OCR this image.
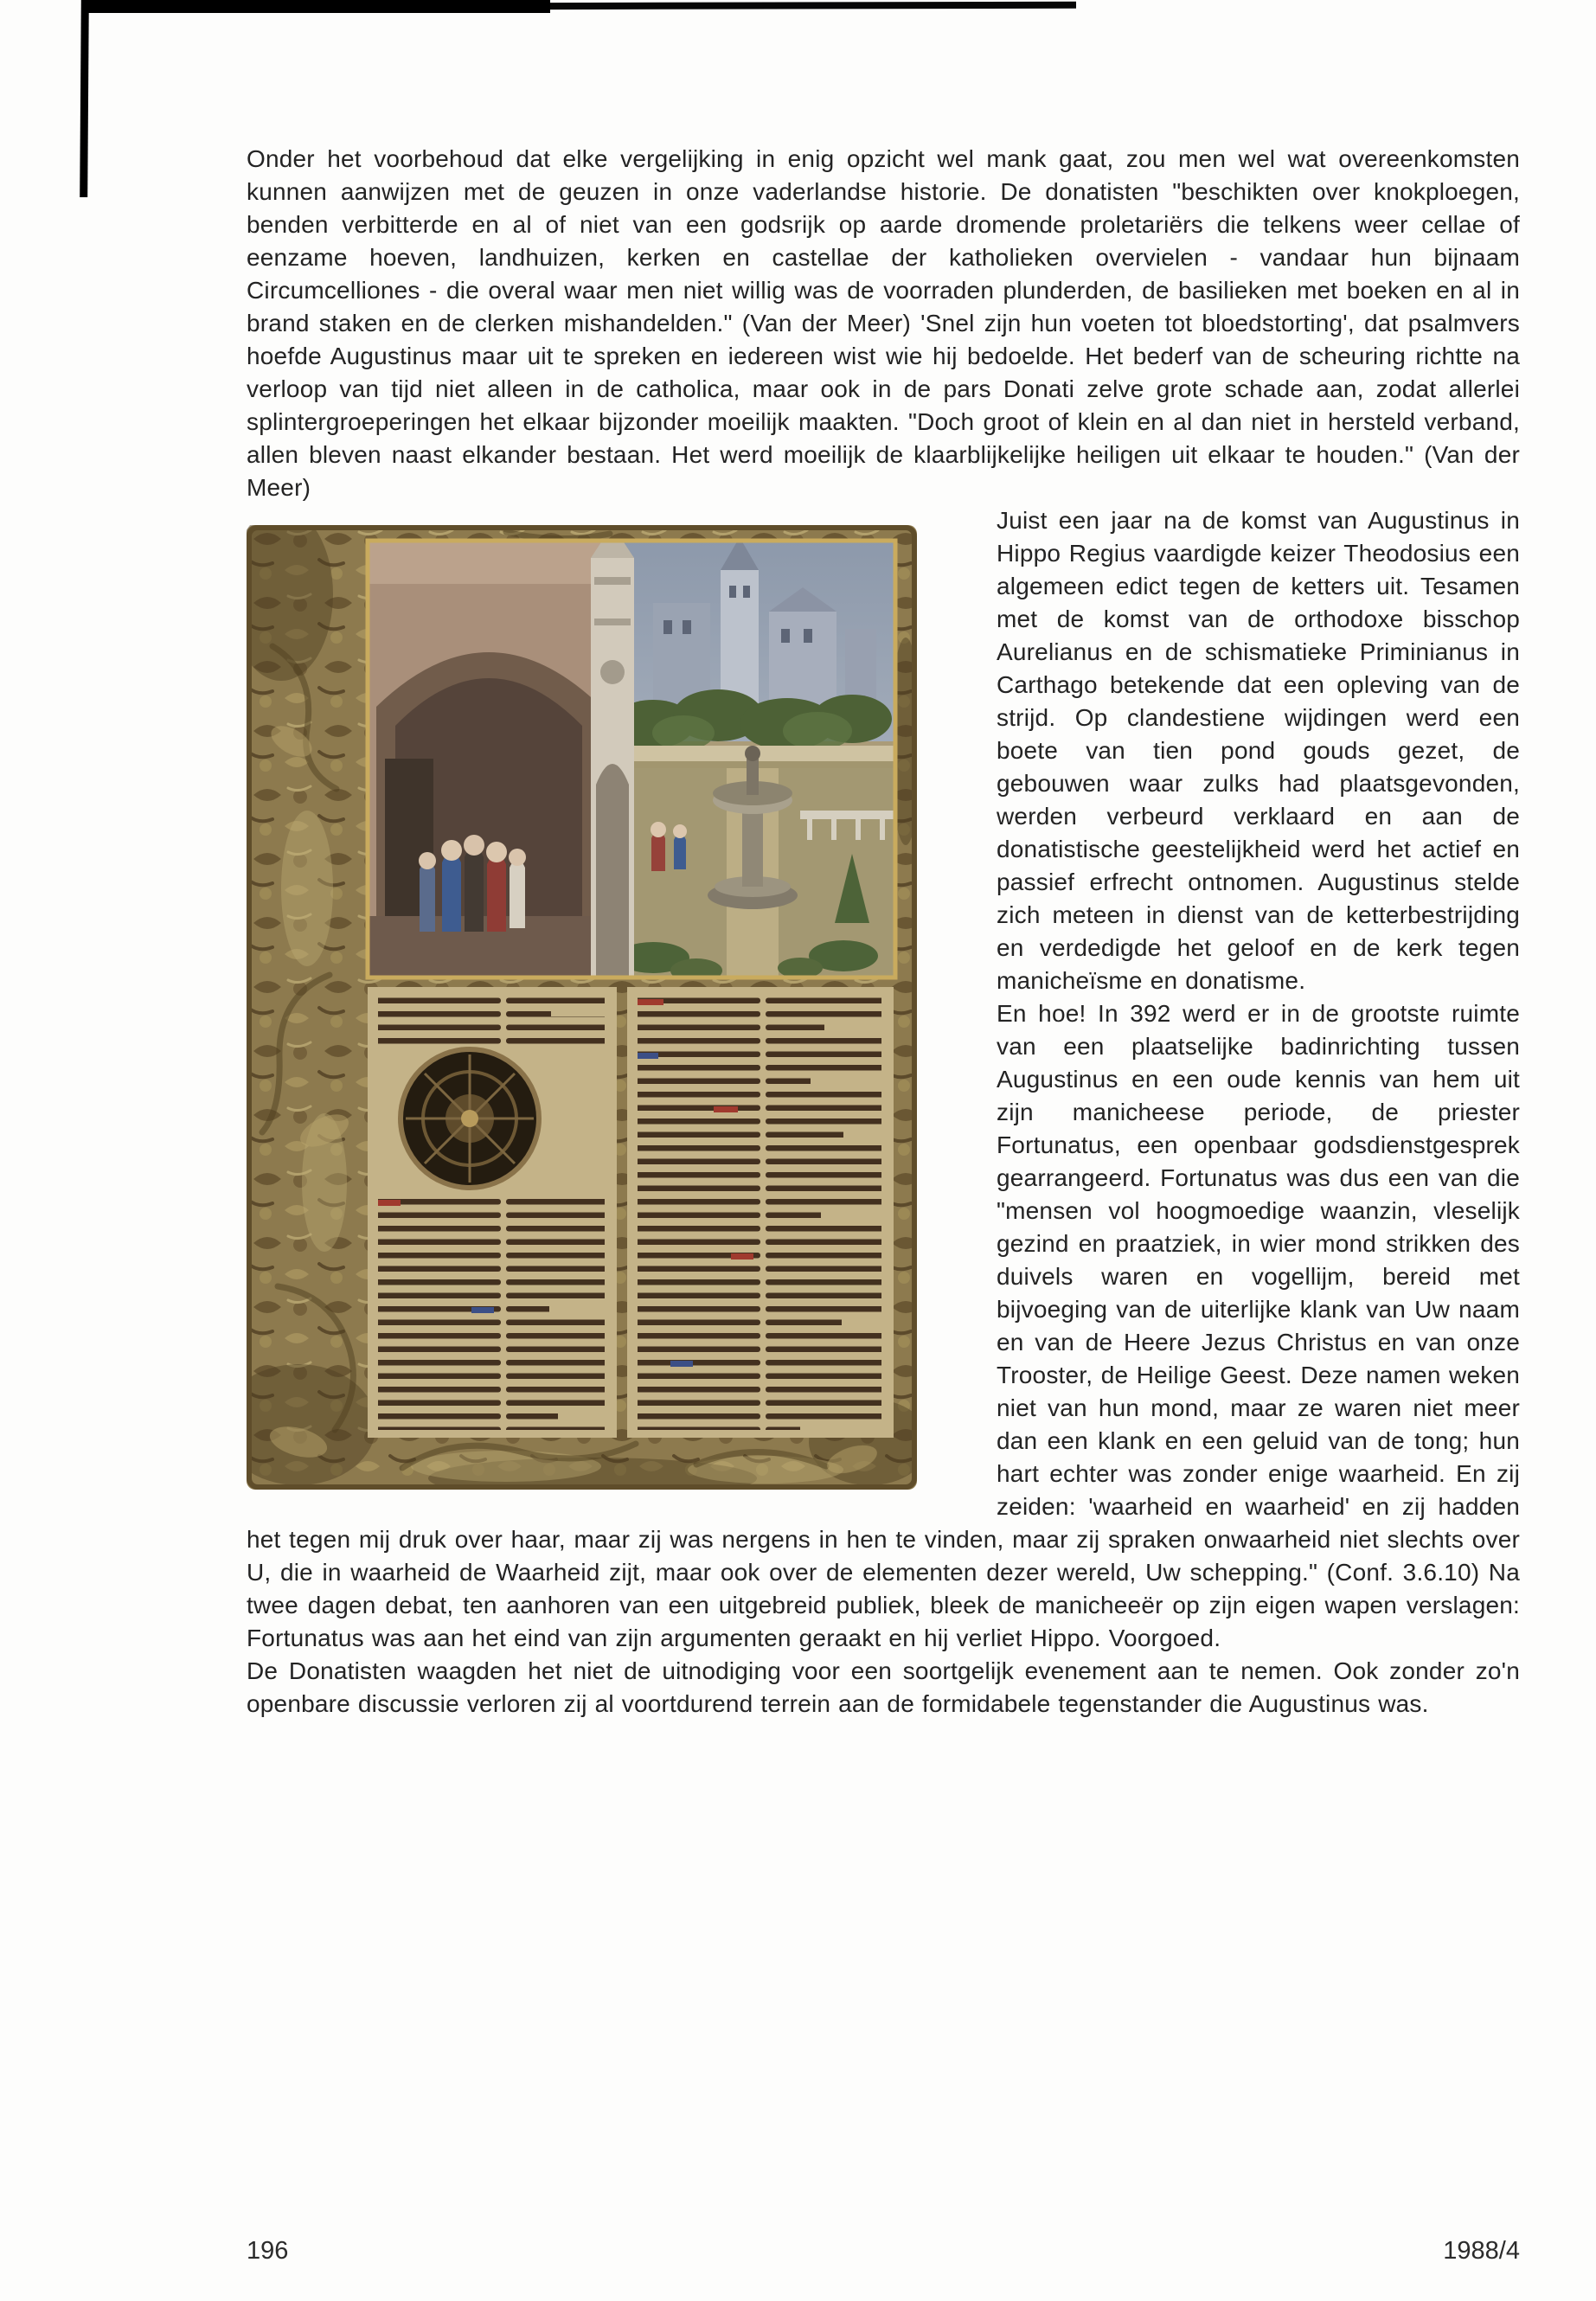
Onder het voorbehoud dat elke vergelijking in enig opzicht wel mank gaat, zou men wel wat overeenkomsten kunnen aanwijzen met de geuzen in onze vaderlandse historie. De donatisten "beschikten over knokploegen, benden verbitterde en al of niet van een godsrijk op aarde dromende proletariërs die telkens weer cellae of eenzame hoeven, landhuizen, kerken en castellae der katholieken overvielen - vandaar hun bijnaam Circumcelliones - die overal waar men niet willig was de voorraden plunderden, de basilieken met boeken en al in brand staken en de clerken mishandelden." (Van der Meer) 'Snel zijn hun voeten tot bloedstorting', dat psalmvers hoefde Augustinus maar uit te spreken en iedereen wist wie hij bedoelde. Het bederf van de scheuring richtte na verloop van tijd niet alleen in de catholica, maar ook in de pars Donati zelve grote schade aan, zodat allerlei splintergroeperingen het elkaar bijzonder moeilijk maakten. "Doch groot of klein en al dan niet in hersteld verband, allen bleven naast elkander bestaan. Het werd moeilijk de klaarblijkelijke heiligen uit elkaar te houden." (Van der Meer)

Juist een jaar na de komst van Augustinus in Hippo Regius vaardigde keizer Theodosius een algemeen edict tegen de ketters uit. Tesamen met de komst van de orthodoxe bisschop Aurelianus en de schismatieke Priminianus in Carthago betekende dat een opleving van de strijd. Op clandestiene wijdingen werd een boete van tien pond gouds gezet, de gebouwen waar zulks had plaatsgevonden, werden verbeurd verklaard en aan de donatistische geestelijkheid werd het actief en passief erfrecht ontnomen. Augustinus stelde zich meteen in dienst van de ketterbestrijding en verdedigde het geloof en de kerk tegen manicheïsme en donatisme.

En hoe! In 392 werd er in de grootste ruimte van een plaatselijke badinrichting tussen Augustinus en een oude kennis van hem uit zijn manicheese periode, de priester Fortunatus, een openbaar godsdienstgesprek gearrangeerd. Fortunatus was dus een van die "mensen vol hoogmoedige waanzin, vleselijk gezind en praatziek, in wier mond strikken des duivels waren en vogellijm, bereid met bijvoeging van de uiterlijke klank van Uw naam en van de Heere Jezus Christus en van onze Trooster, de Heilige Geest. Deze namen weken niet van hun mond, maar ze waren niet meer dan een klank en een geluid van de tong; hun hart echter was zonder enige waarheid. En zij zeiden: 'waarheid en waarheid' en zij hadden het tegen mij druk over haar, maar zij was nergens in hen te vinden, maar zij spraken onwaarheid niet slechts over U, die in waarheid de Waarheid zijt, maar ook over de elementen dezer wereld, Uw schepping." (Conf. 3.6.10) Na twee dagen debat, ten aanhoren van een uitgebreid publiek, bleek de manicheeër op zijn eigen wapen verslagen: Fortunatus was aan het eind van zijn argumenten geraakt en hij verliet Hippo. Voorgoed.

De Donatisten waagden het niet de uitnodiging voor een soortgelijk evenement aan te nemen. Ook zonder zo'n openbare discussie verloren zij al voortdurend terrein aan de formidabele tegenstander die Augustinus was.

196	1988/4
